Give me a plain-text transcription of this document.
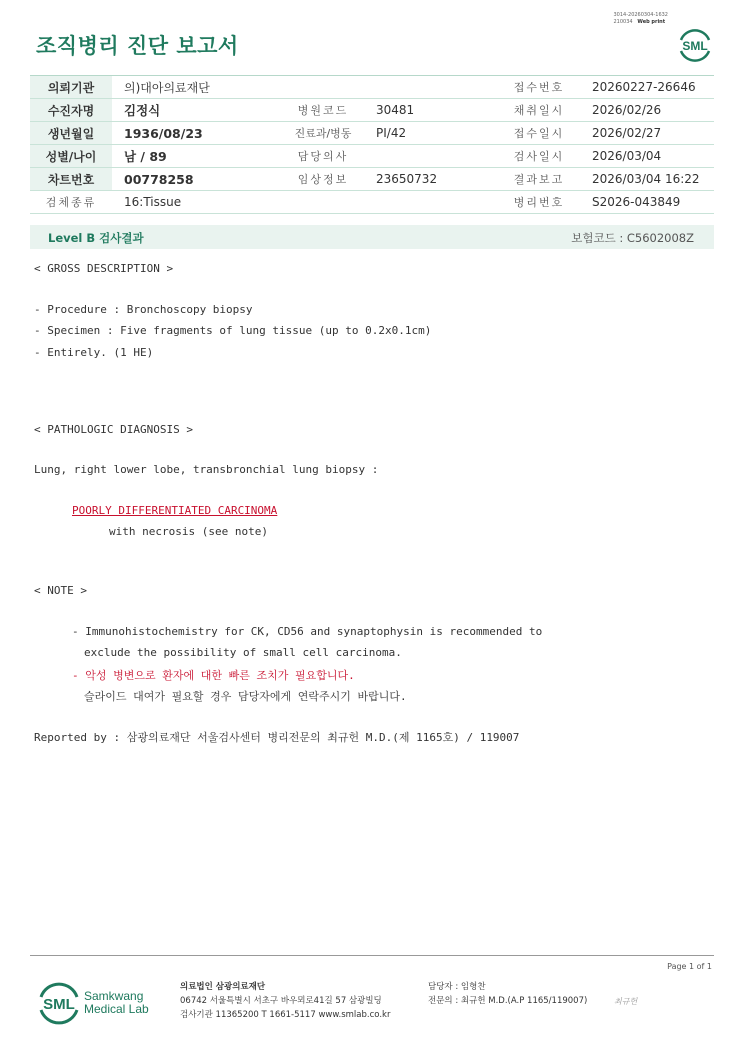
조직병리 진단 보고서
3014-20260304-1632
210034 Web print
SML
의뢰기관	의)대아의료재단			접수번호	20260227-26646
수진자명	김정식	병원코드	30481	채취일시	2026/02/26
생년월일	1936/08/23	진료과/병동	PI/42	접수일시	2026/02/27
성별/나이	남 / 89	담당의사		검사일시	2026/03/04
차트번호	00778258	임상정보	23650732	결과보고	2026/03/04 16:22
검체종류	16:Tissue			병리번호	S2026-043849
Level B 검사결과	보험코드 : C5602008Z
< GROSS DESCRIPTION >
- Procedure : Bronchoscopy biopsy
- Specimen : Five fragments of lung tissue (up to 0.2x0.1cm)
- Entirely. (1 HE)
< PATHOLOGIC DIAGNOSIS >
Lung, right lower lobe, transbronchial lung biopsy :
POORLY DIFFERENTIATED CARCINOMA
with necrosis (see note)
< NOTE >
- Immunohistochemistry for CK, CD56 and synaptophysin is recommended to
exclude the possibility of small cell carcinoma.
- 악성 병변으로 환자에 대한 빠른 조치가 필요합니다.
슬라이드 대여가 필요할 경우 담당자에게 연락주시기 바랍니다.
Reported by : 삼광의료재단 서울검사센터 병리전문의 최규헌 M.D.(제 1165호) / 119007
Page 1 of 1
SML Samkwang
Medical Lab
의료법인 삼광의료재단
06742 서울특별시 서초구 바우뫼로41길 57 삼광빌딩
검사기관 11365200 T 1661-5117 www.smlab.co.kr
담당자 : 임형찬
전문의 : 최규헌 M.D.(A.P 1165/119007)	최규헌
